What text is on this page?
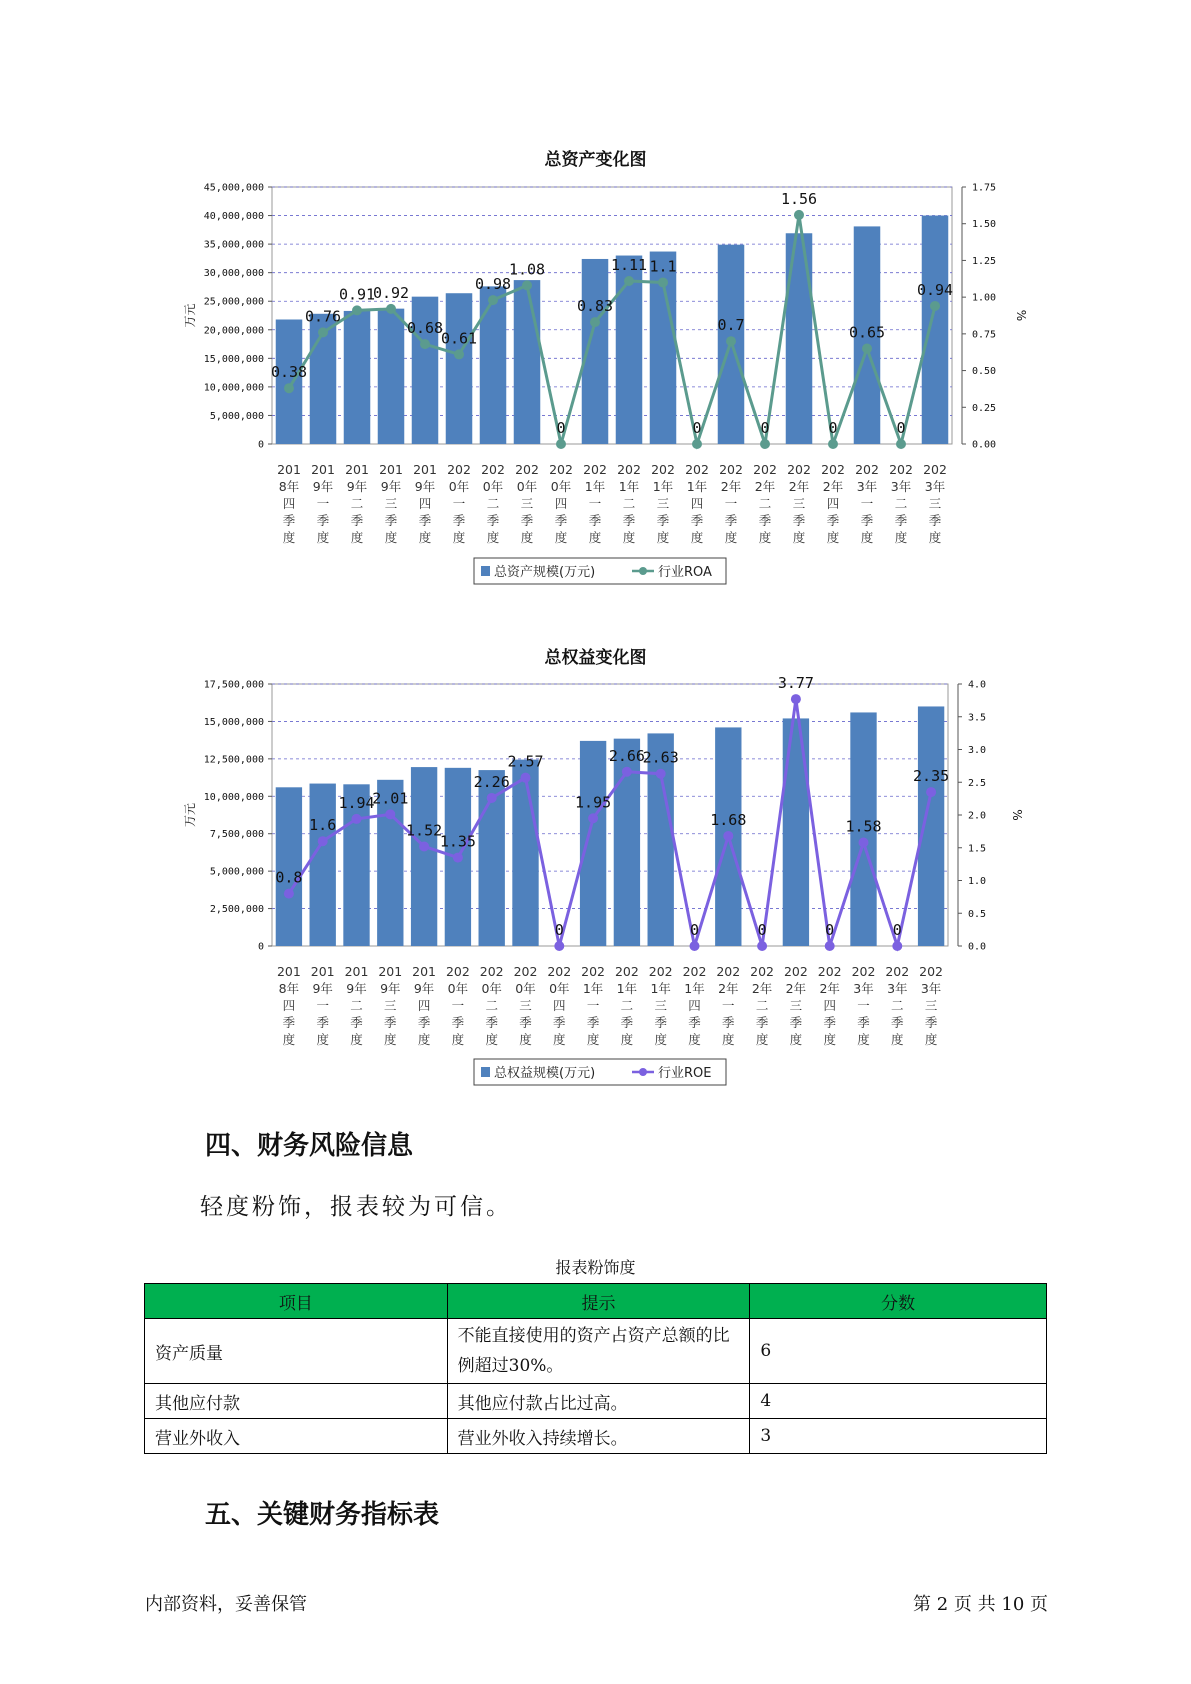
总资产变化图
45,000,000
40,000,000
35,000,000
30,000,000
25,000,000
20,000,000
15,000,000
10,000,000
5,000,000
0
1.75
1.50
1.25
1.00
0.75
0.50
0.25
0.00
万元	%
0.38
0.76
0.91
0.92
0.68
0.61
0.98
1.08
0
0.83
1.11 1.1
0
0.7
0
1.56
0
0.65
0
0.94
201
8年
四
季
度
201
9年
一
季
度
201
9年
二
季
度
201
9年
三
季
度
201
9年
四
季
度
202
0年
一
季
度
202
0年
二
季
度
202
0年
三
季
度
202
0年
四
季
度
202
1年
一
季
度
202
1年
二
季
度
202
1年
三
季
度
202
1年
四
季
度
202
2年
一
季
度
202
2年
二
季
度
202
2年
三
季
度
202
2年
四
季
度
202
3年
一
季
度
202
3年
二
季
度
202
3年
三
季
度
总资产规模(万元)	行业ROA
总权益变化图
17,500,000
15,000,000
12,500,000
10,000,000
7,500,000
5,000,000
2,500,000
0
4.0
3.5
3.0
2.5
2.0
1.5
1.0
0.5
0.0
万元	%
0.8
1.6
1.94
2.01
1.52
1.35
2.26
2.57
0
1.95
2.66
2.63
0
1.68
0
3.77
0
1.58
0
2.35
201
8年
四
季
度
201
9年
一
季
度
201
9年
二
季
度
201
9年
三
季
度
201
9年
四
季
度
202
0年
一
季
度
202
0年
二
季
度
202
0年
三
季
度
202
0年
四
季
度
202
1年
一
季
度
202
1年
二
季
度
202
1年
三
季
度
202
1年
四
季
度
202
2年
一
季
度
202
2年
二
季
度
202
2年
三
季
度
202
2年
四
季
度
202
3年
一
季
度
202
3年
二
季
度
202
3年
三
季
度
总权益规模(万元)	行业ROE
四、财务风险信息
轻度粉饰，报表较为可信。
报表粉饰度
项目	提示	分数
资产质量	不能直接使用的资产占资产总额的比例超过30%。	6
其他应付款	其他应付款占比过高。	4
营业外收入	营业外收入持续增长。	3
五、关键财务指标表
内部资料，妥善保管	第 2 页 共 10 页
